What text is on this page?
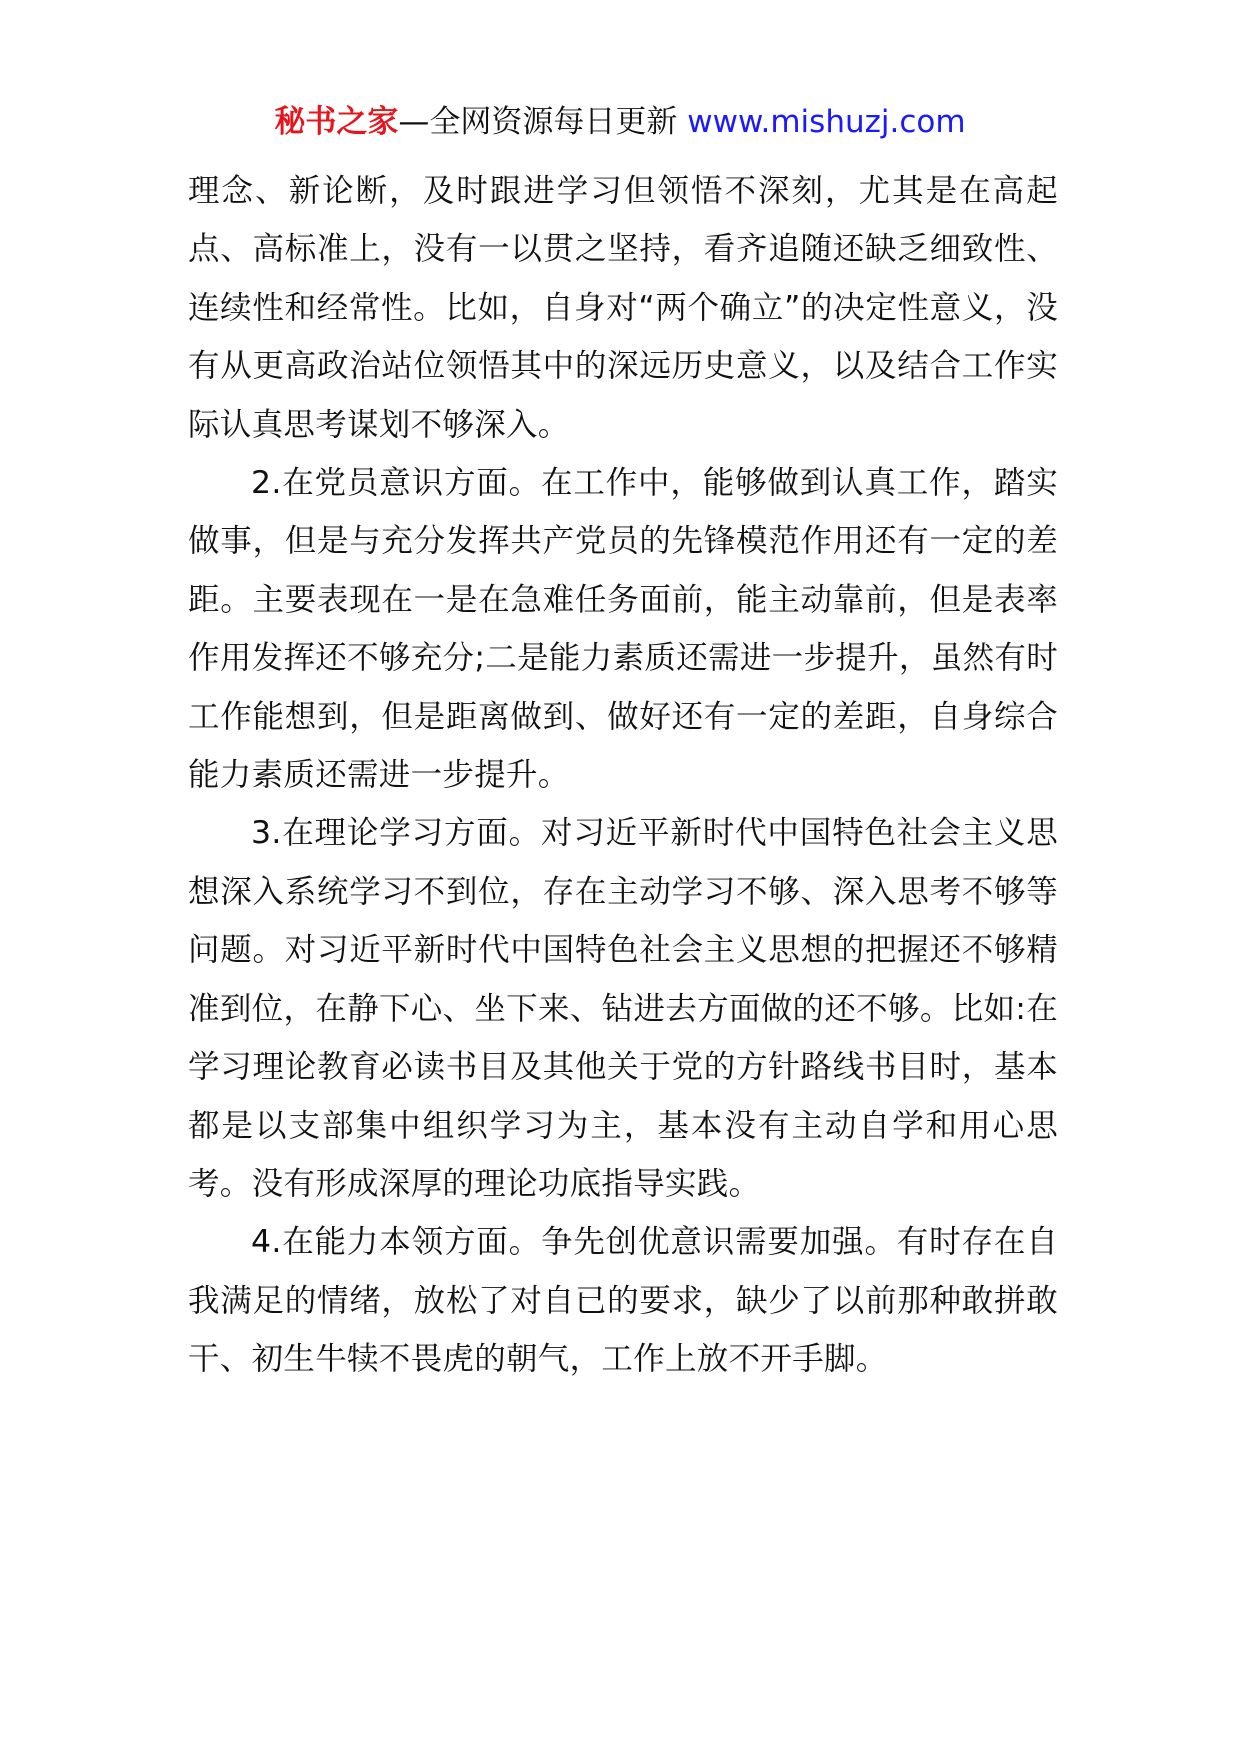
秘书之家—全网资源每日更新 www.mishuzj.com

理念、新论断，及时跟进学习但领悟不深刻，尤其是在高起点、高标准上，没有一以贯之坚持，看齐追随还缺乏细致性、连续性和经常性。比如，自身对“两个确立”的决定性意义，没有从更高政治站位领悟其中的深远历史意义，以及结合工作实际认真思考谋划不够深入。

2.在党员意识方面。在工作中，能够做到认真工作，踏实做事，但是与充分发挥共产党员的先锋模范作用还有一定的差距。主要表现在一是在急难任务面前，能主动靠前，但是表率作用发挥还不够充分;二是能力素质还需进一步提升，虽然有时工作能想到，但是距离做到、做好还有一定的差距，自身综合能力素质还需进一步提升。

3.在理论学习方面。对习近平新时代中国特色社会主义思想深入系统学习不到位，存在主动学习不够、深入思考不够等问题。对习近平新时代中国特色社会主义思想的把握还不够精准到位，在静下心、坐下来、钻进去方面做的还不够。比如:在学习理论教育必读书目及其他关于党的方针路线书目时，基本都是以支部集中组织学习为主，基本没有主动自学和用心思考。没有形成深厚的理论功底指导实践。

4.在能力本领方面。争先创优意识需要加强。有时存在自我满足的情绪，放松了对自已的要求，缺少了以前那种敢拼敢干、初生牛犊不畏虎的朝气，工作上放不开手脚。
